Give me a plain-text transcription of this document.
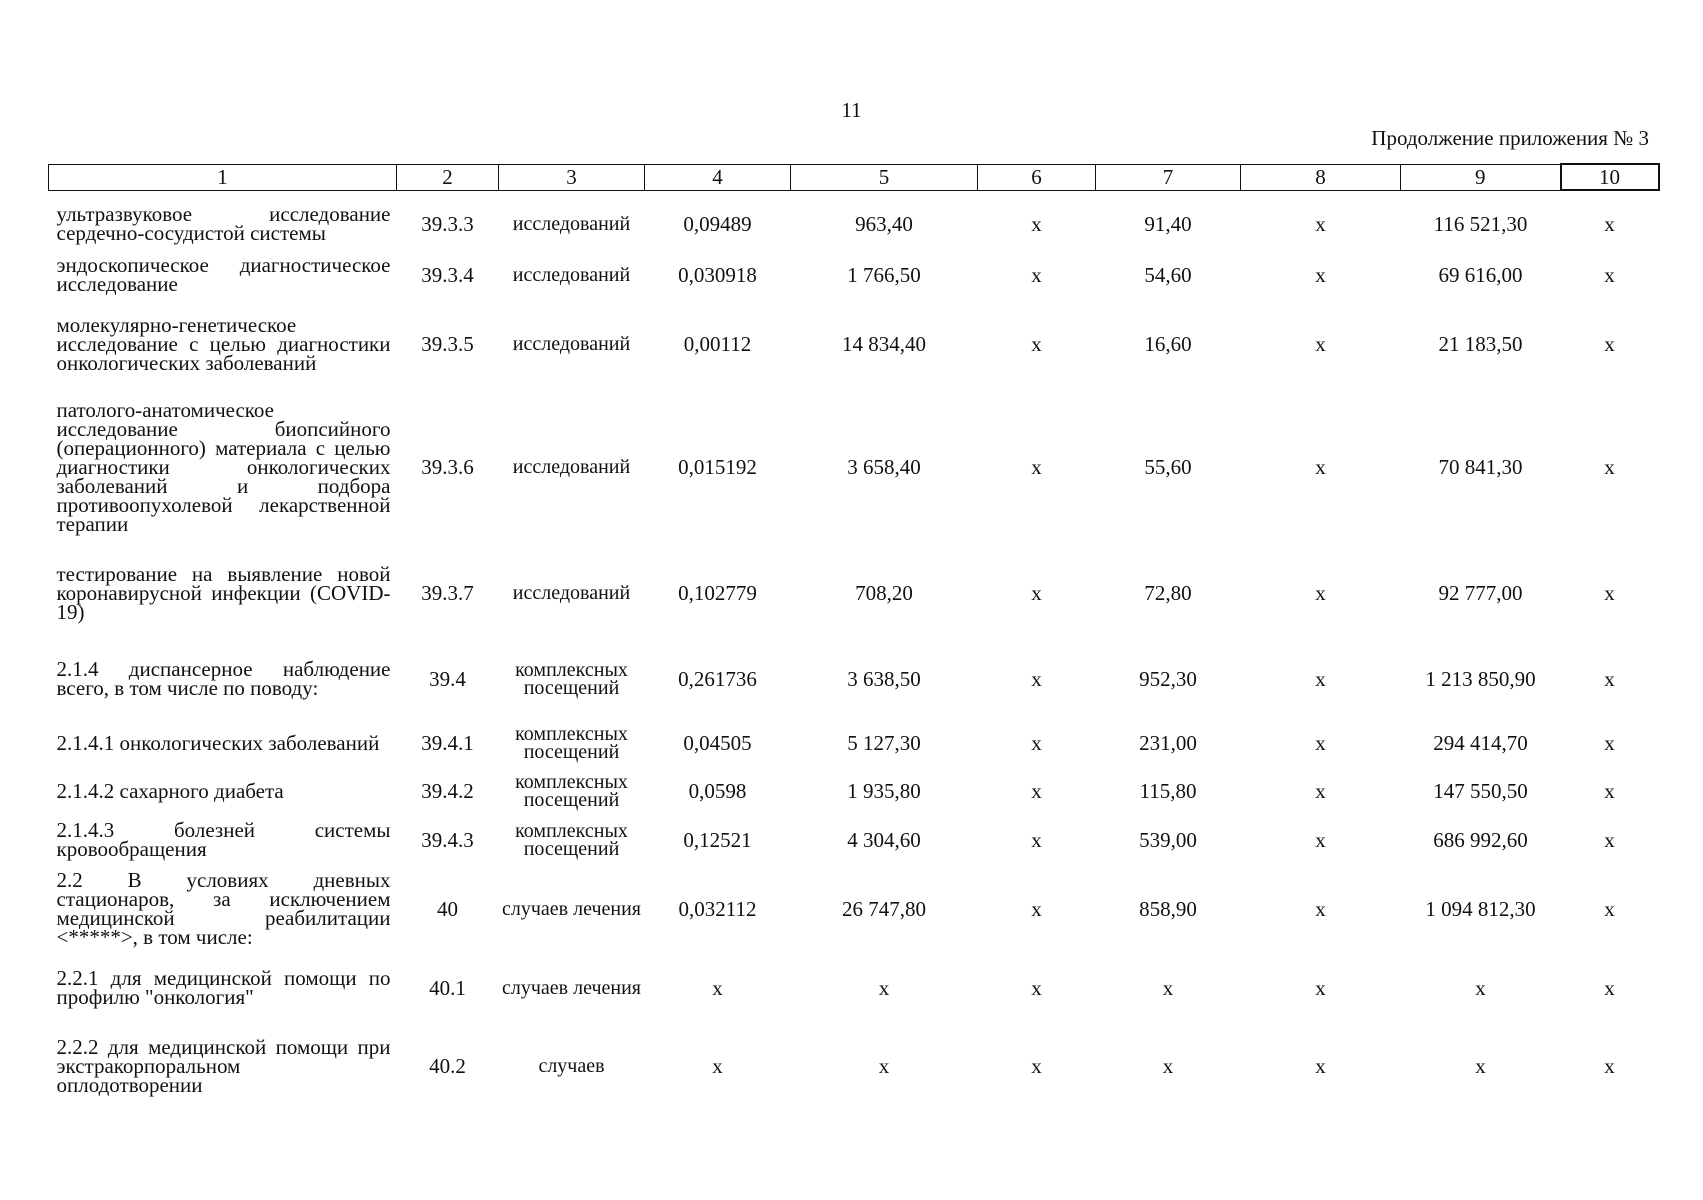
11
Продолжение приложения № 3
1	2	3	4	5	6	7	8	9	10

ультразвуковое исследование сердечно-сосудистой системы	39.3.3	исследований	0,09489	963,40	x	91,40	x	116 521,30	x
эндоскопическое диагностическое исследование	39.3.4	исследований	0,030918	1 766,50	x	54,60	x	69 616,00	x
молекулярно-генетическое исследование с целью диагностики онкологических заболеваний	39.3.5	исследований	0,00112	14 834,40	x	16,60	x	21 183,50	x
патолого-анатомическое исследование биопсийного (операционного) материала с целью диагностики онкологических заболеваний и подбора противоопухолевой лекарственной терапии	39.3.6	исследований	0,015192	3 658,40	x	55,60	x	70 841,30	x
тестирование на выявление новой коронавирусной инфекции (COVID-19)	39.3.7	исследований	0,102779	708,20	x	72,80	x	92 777,00	x
2.1.4 диспансерное наблюдение всего, в том числе по поводу:	39.4	комплексных посещений	0,261736	3 638,50	x	952,30	x	1 213 850,90	x
2.1.4.1 онкологических заболеваний	39.4.1	комплексных посещений	0,04505	5 127,30	x	231,00	x	294 414,70	x
2.1.4.2 сахарного диабета	39.4.2	комплексных посещений	0,0598	1 935,80	x	115,80	x	147 550,50	x
2.1.4.3 болезней системы кровообращения	39.4.3	комплексных посещений	0,12521	4 304,60	x	539,00	x	686 992,60	x
2.2 В условиях дневных стационаров, за исключением медицинской реабилитации <*****>, в том числе:	40	случаев лечения	0,032112	26 747,80	x	858,90	x	1 094 812,30	x
2.2.1 для медицинской помощи по профилю "онкология"	40.1	случаев лечения	x	x	x	x	x	x	x
2.2.2 для медицинской помощи при экстракорпоральном оплодотворении	40.2	случаев	x	x	x	x	x	x	x
